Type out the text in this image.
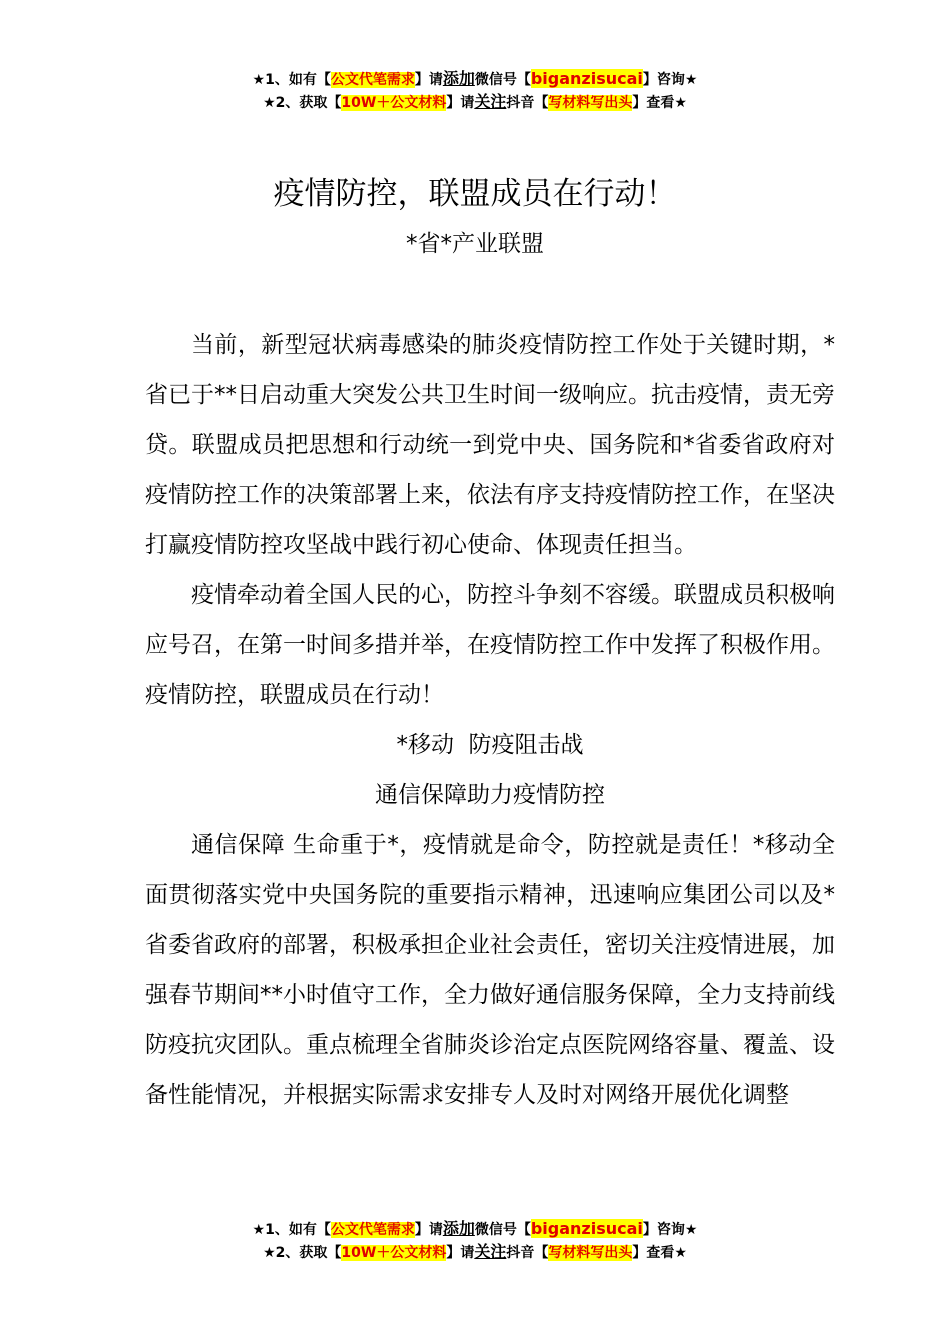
★1、如有【公文代笔需求】请添加微信号【biganzisucai】咨询★
★2、获取【10W＋公文材料】请关注抖音【写材料写出头】查看★
疫情防控，联盟成员在行动！
*省*产业联盟

当前，新型冠状病毒感染的肺炎疫情防控工作处于关键时期，*省已于**日启动重大突发公共卫生时间一级响应。抗击疫情，责无旁贷。联盟成员把思想和行动统一到党中央、国务院和*省委省政府对疫情防控工作的决策部署上来，依法有序支持疫情防控工作，在坚决打赢疫情防控攻坚战中践行初心使命、体现责任担当。

疫情牵动着全国人民的心，防控斗争刻不容缓。联盟成员积极响应号召，在第一时间多措并举，在疫情防控工作中发挥了积极作用。疫情防控，联盟成员在行动！

*移动  防疫阻击战

通信保障助力疫情防控

通信保障 生命重于*，疫情就是命令，防控就是责任！*移动全面贯彻落实党中央国务院的重要指示精神，迅速响应集团公司以及*省委省政府的部署，积极承担企业社会责任，密切关注疫情进展，加强春节期间**小时值守工作，全力做好通信服务保障，全力支持前线防疫抗灾团队。重点梳理全省肺炎诊治定点医院网络容量、覆盖、设备性能情况，并根据实际需求安排专人及时对网络开展优化调整

★1、如有【公文代笔需求】请添加微信号【biganzisucai】咨询★
★2、获取【10W＋公文材料】请关注抖音【写材料写出头】查看★
